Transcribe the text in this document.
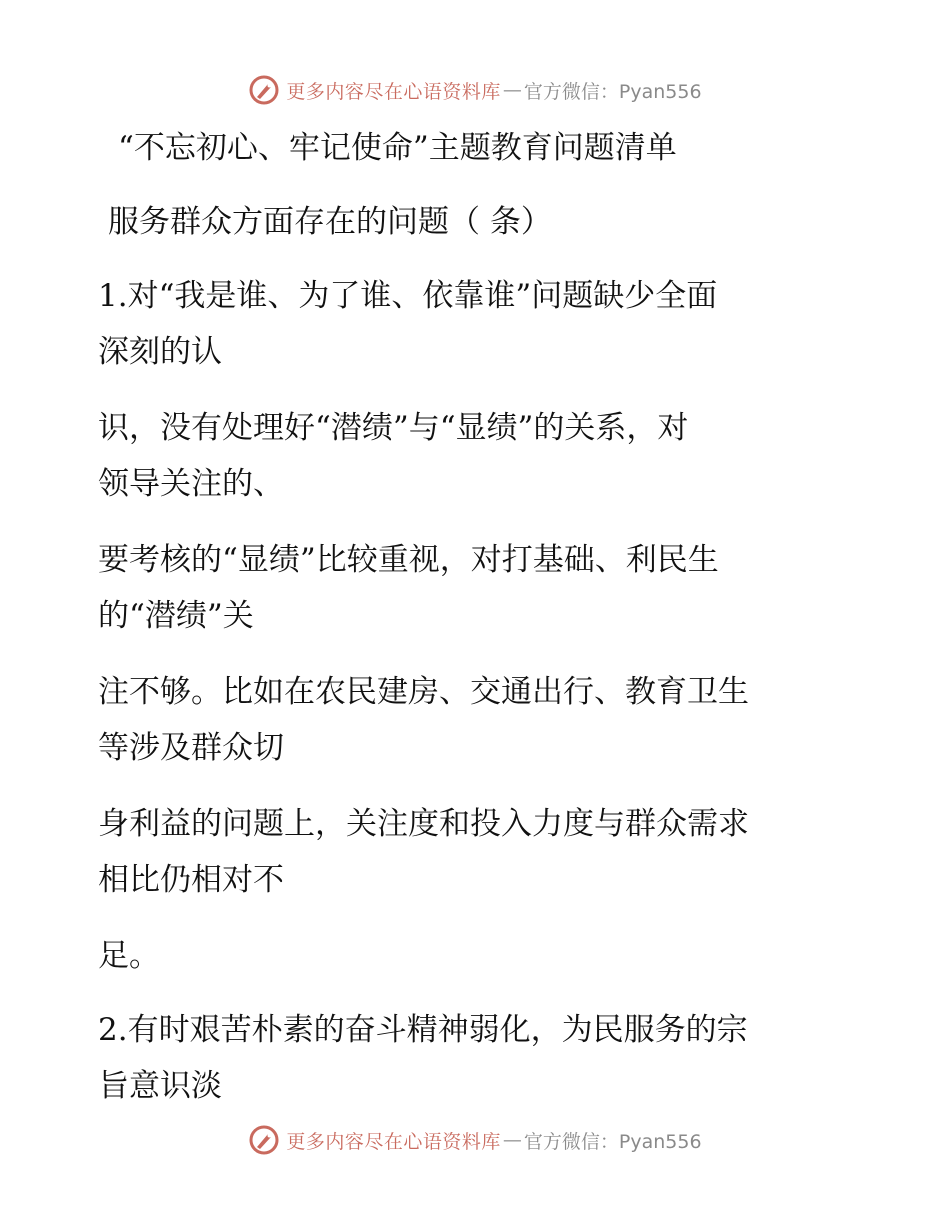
更多内容尽在心语资料库 — 官方微信：Pyan556
“不忘初心、牢记使命”主题教育问题清单
服务群众方面存在的问题（ 条）
1.对“我是谁、为了谁、依靠谁”问题缺少全面
深刻的认
识，没有处理好“潜绩”与“显绩”的关系，对
领导关注的、
要考核的“显绩”比较重视，对打基础、利民生
的“潜绩”关
注不够。比如在农民建房、交通出行、教育卫生
等涉及群众切
身利益的问题上，关注度和投入力度与群众需求
相比仍相对不
足。
2.有时艰苦朴素的奋斗精神弱化，为民服务的宗
旨意识淡
更多内容尽在心语资料库 — 官方微信：Pyan556
